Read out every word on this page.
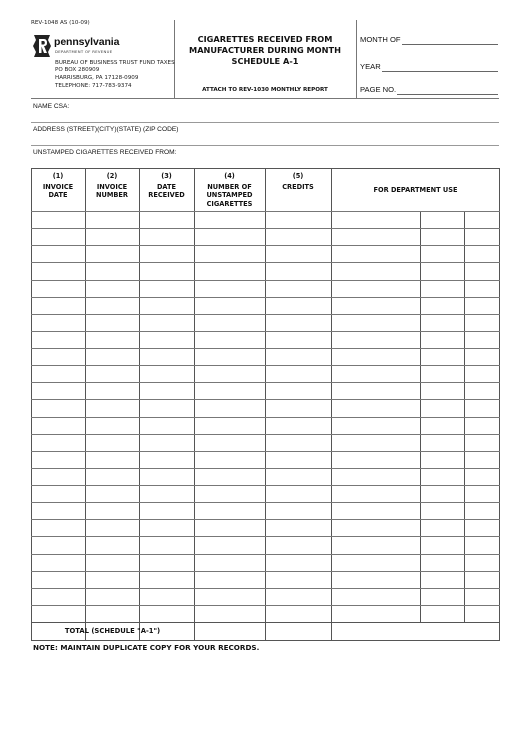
REV-1048 AS (10-09)
pennsylvania
DEPARTMENT OF REVENUE
BUREAU OF BUSINESS TRUST FUND TAXES
PO BOX 280909
HARRISBURG, PA 17128-0909
TELEPHONE: 717-783-9374
CIGARETTES RECEIVED FROM
MANUFACTURER DURING MONTH
SCHEDULE A-1
ATTACH TO REV-1030 MONTHLY REPORT
MONTH OF
YEAR
PAGE NO.
NAME CSA:
ADDRESS (STREET)(CITY)(STATE) (ZIP CODE)
UNSTAMPED CIGARETTES RECEIVED FROM:
(1)
INVOICE
DATE
(2)
INVOICE
NUMBER
(3)
DATE
RECEIVED
(4)
NUMBER OF
UNSTAMPED
CIGARETTES
(5)
CREDITS	FOR DEPARTMENT USE
TOTAL (SCHEDULE "A-1")
NOTE: MAINTAIN DUPLICATE COPY FOR YOUR RECORDS.
